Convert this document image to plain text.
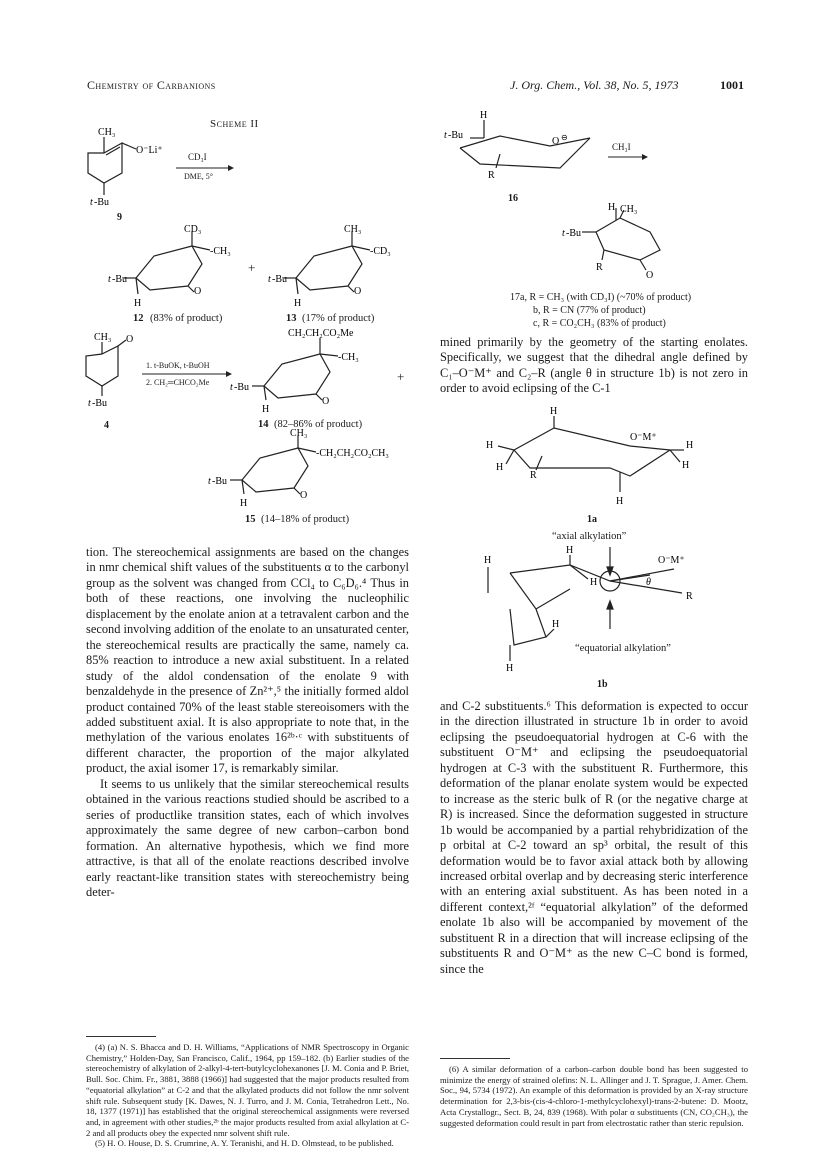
Chemistry of Carbanions	J. Org. Chem., Vol. 38, No. 5, 1973	1001
Scheme II
CH₃
O⁻Li⁺
t -Bu
9
CD₃I
DME, 5°
CD₃
-CH₃
O
t -Bu
H
+
CH₃
-CD₃
O
t -Bu
H
12 (83% of product)	13 (17% of product)
CH₃ O
t -Bu
4
1. t-BuOK, t-BuOH
2. CH₂═CHCO₂Me
CH₂CH₂CO₂Me
-CH₃
O
t -Bu
H
+
14 (82–86% of product)
CH₃
-CH₂CH₂CO₂CH₃
O
t -Bu
H
15 (14–18% of product)
H
t -Bu
R
O ⊖
CH₃I
16
H CH₃
t -Bu
R
O
17a, R = CH₃ (with CD₃I) (~70% of product)
b, R = CN (77% of product)
c, R = CO₂CH₃ (83% of product)

mined primarily by the geometry of the starting enolates. Specifically, we suggest that the dihedral angle defined by C₁–O⁻M⁺ and C₂–R (angle θ in structure 1b) is not zero in order to avoid eclipsing of the C-1

H
H
H
R
O⁻M⁺
H
H
H
1a
“axial alkylation”
H
H
H
O⁻M⁺
R
θ
H
H
“equatorial alkylation”
1b

tion. The stereochemical assignments are based on the changes in nmr chemical shift values of the substituents α to the carbonyl group as the solvent was changed from CCl₄ to C₆D₆.⁴ Thus in both of these reactions, one involving the nucleophilic displacement by the enolate anion at a tetravalent carbon and the second involving addition of the enolate to an unsaturated center, the stereochemical results are practically the same, namely ca. 85% reaction to introduce a new axial substituent. In a related study of the aldol condensation of the enolate 9 with benzaldehyde in the presence of Zn²⁺,⁵ the initially formed aldol product contained 70% of the least stable stereoisomers with the added substituent axial. It is also appropriate to note that, in the methylation of the various enolates 16²ᵇ·ᶜ with substituents of different character, the proportion of the major alkylated product, the axial isomer 17, is remarkably similar.

It seems to us unlikely that the similar stereochemical results obtained in the various reactions studied should be ascribed to a series of productlike transition states, each of which involves approximately the same degree of new carbon–carbon bond formation. An alternative hypothesis, which we find more attractive, is that all of the enolate reactions described involve early reactant-like transition states with stereochemistry being deter-

and C-2 substituents.⁶ This deformation is expected to occur in the direction illustrated in structure 1b in order to avoid eclipsing the pseudoequatorial hydrogen at C-6 with the substituent O⁻M⁺ and eclipsing the pseudoequatorial hydrogen at C-3 with the substituent R. Furthermore, this deformation of the planar enolate system would be expected to increase as the steric bulk of R (or the negative charge at R) is increased. Since the deformation suggested in structure 1b would be accompanied by a partial rehybridization of the p orbital at C-2 toward an sp³ orbital, the result of this deformation would be to favor axial attack both by allowing increased orbital overlap and by decreasing steric interference with an entering axial substituent. As has been noted in a different context,²ᶠ “equatorial alkylation” of the deformed enolate 1b also will be accompanied by movement of the substituent R in a direction that will increase eclipsing of the substituents R and O⁻M⁺ as the new C–C bond is formed, since the

(4) (a) N. S. Bhacca and D. H. Williams, “Applications of NMR Spectroscopy in Organic Chemistry,” Holden-Day, San Francisco, Calif., 1964, pp 159–182. (b) Earlier studies of the stereochemistry of alkylation of 2-alkyl-4-tert-butylcyclohexanones [J. M. Conia and P. Briet, Bull. Soc. Chim. Fr., 3881, 3888 (1966)] had suggested that the major products resulted from “equatorial alkylation” at C-2 and that the alkylated products did not follow the nmr solvent shift rule. Subsequent study [K. Dawes, N. J. Turro, and J. M. Conia, Tetrahedron Lett., No. 18, 1377 (1971)] has established that the original stereochemical assignments were reversed and, in agreement with other studies,²ᵇ the major products resulted from axial alkylation at C-2 and all products obey the expected nmr solvent shift rule.

(5) H. O. House, D. S. Crumrine, A. Y. Teranishi, and H. D. Olmstead, to be published.

(6) A similar deformation of a carbon–carbon double bond has been suggested to minimize the energy of strained olefins: N. L. Allinger and J. T. Sprague, J. Amer. Chem. Soc., 94, 5734 (1972). An example of this deformation is provided by an X-ray structure determination for 2,3-bis-(cis-4-chloro-1-methylcyclohexyl)-trans-2-butene: D. Mootz, Acta Crystallogr., Sect. B, 24, 839 (1968). With polar α substituents (CN, CO₂CH₃), the suggested deformation could result in part from electrostatic rather than steric repulsion.
